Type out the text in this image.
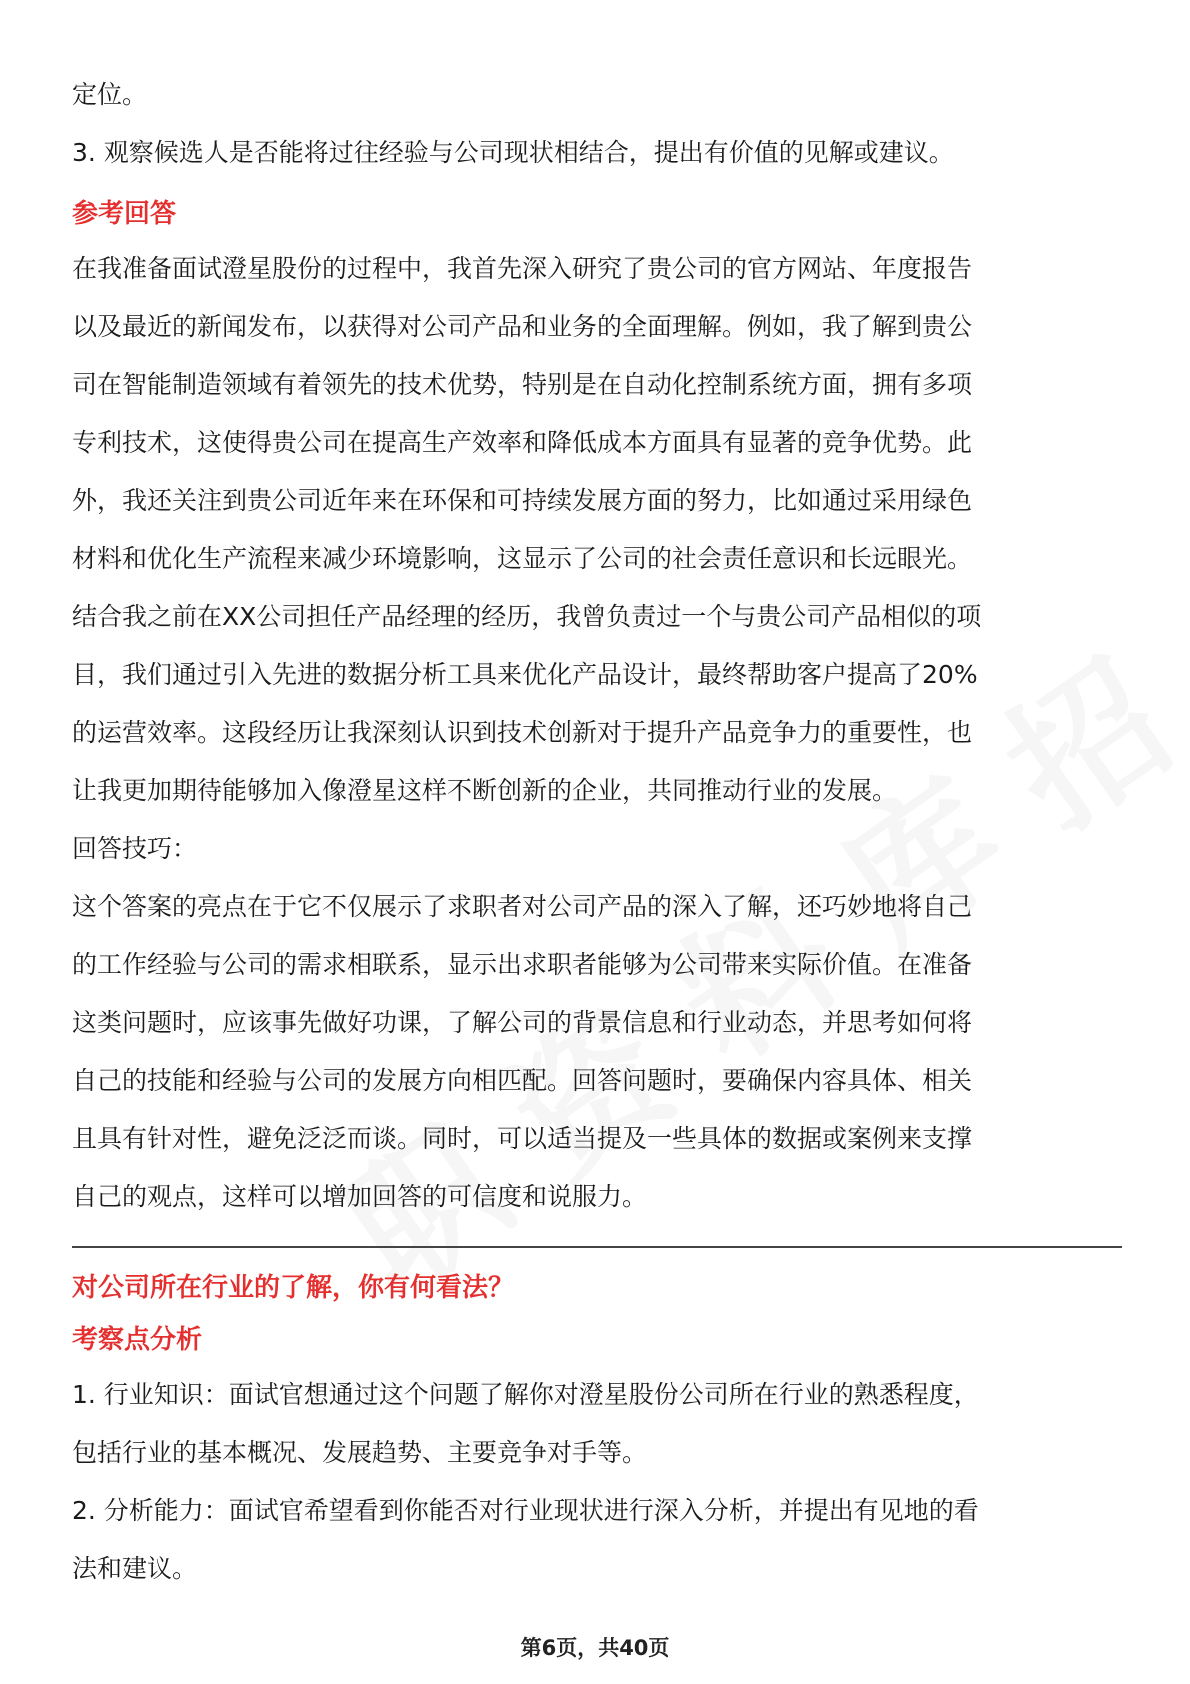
定位。

3. 观察候选人是否能将过往经验与公司现状相结合，提出有价值的见解或建议。

参考回答

在我准备面试澄星股份的过程中，我首先深入研究了贵公司的官方网站、年度报告

以及最近的新闻发布，以获得对公司产品和业务的全面理解。例如，我了解到贵公

司在智能制造领域有着领先的技术优势，特别是在自动化控制系统方面，拥有多项

专利技术，这使得贵公司在提高生产效率和降低成本方面具有显著的竞争优势。此

外，我还关注到贵公司近年来在环保和可持续发展方面的努力，比如通过采用绿色

材料和优化生产流程来减少环境影响，这显示了公司的社会责任意识和长远眼光。

结合我之前在XX公司担任产品经理的经历，我曾负责过一个与贵公司产品相似的项

目，我们通过引入先进的数据分析工具来优化产品设计，最终帮助客户提高了20%

的运营效率。这段经历让我深刻认识到技术创新对于提升产品竞争力的重要性，也

让我更加期待能够加入像澄星这样不断创新的企业，共同推动行业的发展。

回答技巧：

这个答案的亮点在于它不仅展示了求职者对公司产品的深入了解，还巧妙地将自己

的工作经验与公司的需求相联系，显示出求职者能够为公司带来实际价值。在准备

这类问题时，应该事先做好功课，了解公司的背景信息和行业动态，并思考如何将

自己的技能和经验与公司的发展方向相匹配。回答问题时，要确保内容具体、相关

且具有针对性，避免泛泛而谈。同时，可以适当提及一些具体的数据或案例来支撑

自己的观点，这样可以增加回答的可信度和说服力。

对公司所在行业的了解，你有何看法？

考察点分析

1. 行业知识：面试官想通过这个问题了解你对澄星股份公司所在行业的熟悉程度，

包括行业的基本概况、发展趋势、主要竞争对手等。

2. 分析能力：面试官希望看到你能否对行业现状进行深入分析，并提出有见地的看

法和建议。

第6页，共40页
